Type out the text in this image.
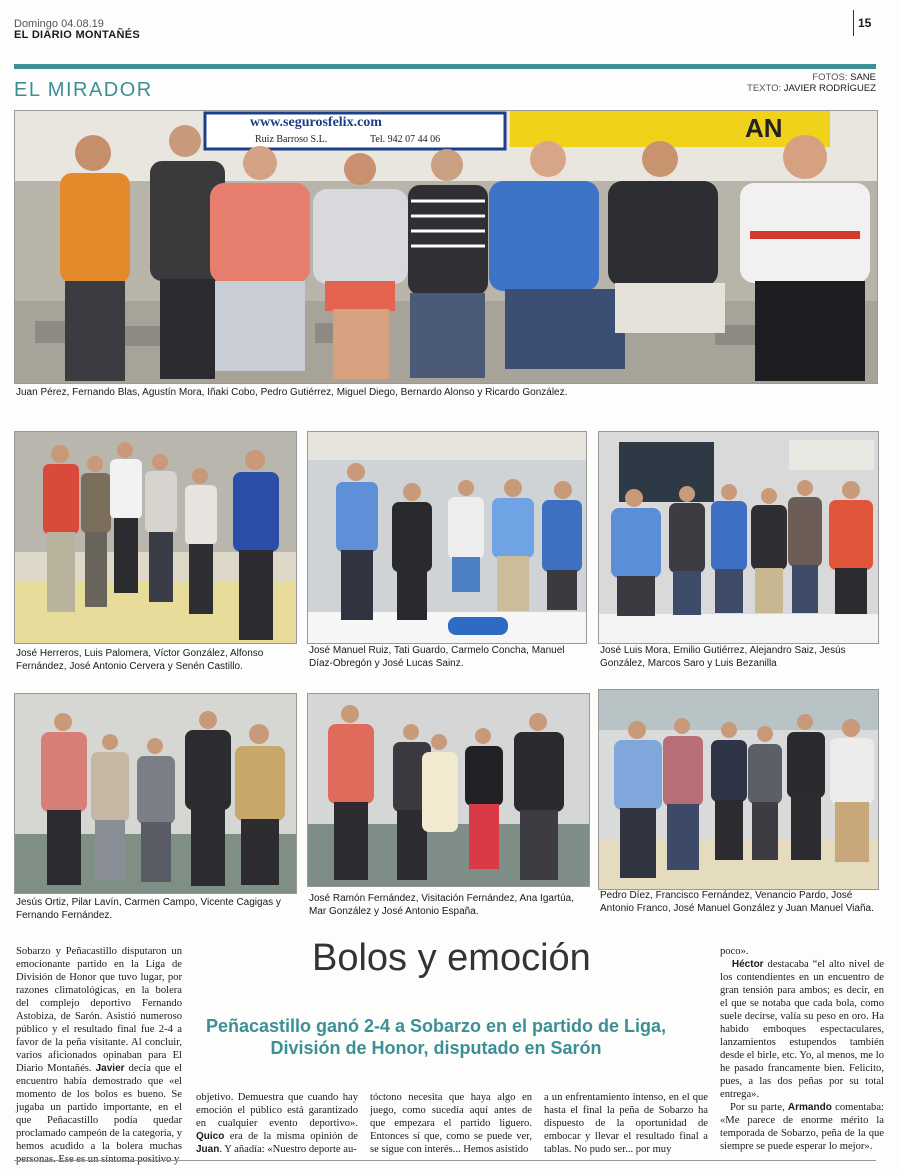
Domingo 04.08.19
EL DIARIO MONTAÑÉS
15
EL MIRADOR
FOTOS: SANE
TEXTO: JAVIER RODRÍGUEZ
AN
www.segurosfelix.com
Ruiz Barroso S.L.	Tel. 942 07 44 06
Juan Pérez, Fernando Blas, Agustín Mora, Iñaki Cobo, Pedro Gutiérrez, Miguel Diego, Bernardo Alonso y Ricardo González.
José Herreros, Luis Palomera, Víctor González, Alfonso Fernández, José Antonio Cervera y Senén Castillo.
José Manuel Ruiz, Tati Guardo, Carmelo Concha, Manuel Díaz-Obregón y José Lucas Sainz.
José Luis Mora, Emilio Gutiérrez, Alejandro Saiz, Jesús González, Marcos Saro y Luis Bezanilla
Jesús Ortiz, Pilar Lavín, Carmen Campo, Vicente Cagigas y Fernando Fernández.
José Ramón Fernández, Visitación Fernández, Ana Igartúa, Mar González y José Antonio España.
Pedro Díez, Francisco Fernández, Venancio Pardo, José Antonio Franco, José Manuel González y Juan Manuel Viaña.
Sobarzo y Peñacastillo disputaron un emocionante partido en la Liga de División de Honor que tuvo lugar, por razones climatológicas, en la bolera del complejo deportivo Fernando Astobiza, de Sarón. Asistió numeroso público y el resultado final fue 2-4 a favor de la peña visitante. Al concluir, varios aficionados opinaban para El Diario Montañés. Javier decía que el encuentro había demostrado que «el momento de los bolos es bueno. Se jugaba un partido importante, en el que Peñacastillo podía quedar proclamado campeón de la categoría, y hemos acudido a la bolera muchas
Bolos y emoción
Peñacastillo ganó 2-4 a Sobarzo en el partido de Liga, División de Honor, disputado en Sarón
objetivo. Demuestra que cuando hay emoción el público está garantizado en cualquier evento deportivo». Quico era de la misma opinión de Juan. Y añadía: «Nuestro deporte au-
tóctono necesita que haya algo en juego, como sucedía aquí antes de que empezara el partido liguero. Entonces sí que, como se puede ver, se sigue con interés... Hemos asistido
a un enfrentamiento intenso, en el que hasta el final la peña de Sobarzo ha dispuesto de la oportunidad de embocar y llevar el resultado final a tablas. No pudo ser... por muy
poco».
Héctor destacaba “el alto nivel de los contendientes en un encuentro de gran tensión para ambos; es decir, en el que se notaba que cada bola, como suele decirse, valía su peso en oro. Ha habido emboques espectaculares, lanzamientos estupendos también desde el birle, etc. Yo, al menos, me lo he pasado francamente bien. Felicito, pues, a las dos peñas por su total entrega».
Por su parte, Armando comentaba: «Me parece de enorme mérito la temporada de Sobarzo, peña de la que siempre se puede esperar lo mejor».
